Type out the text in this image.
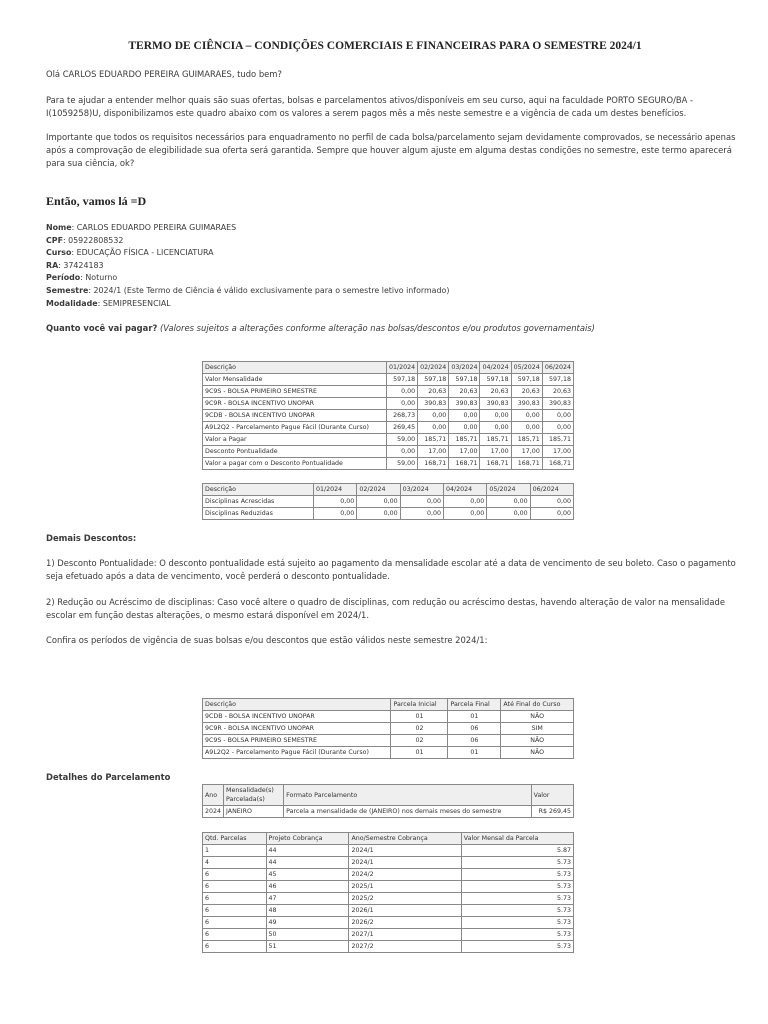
TERMO DE CIÊNCIA – CONDIÇÕES COMERCIAIS E FINANCEIRAS PARA O SEMESTRE 2024/1

Olá CARLOS EDUARDO PEREIRA GUIMARAES, tudo bem?

Para te ajudar a entender melhor quais são suas ofertas, bolsas e parcelamentos ativos/disponíveis em seu curso, aqui na faculdade PORTO SEGURO/BA - I(1059258)U, disponibilizamos este quadro abaixo com os valores a serem pagos mês a mês neste semestre e a vigência de cada um destes benefícios.

Importante que todos os requisitos necessários para enquadramento no perfil de cada bolsa/parcelamento sejam devidamente comprovados, se necessário apenas após a comprovação de elegibilidade sua oferta será garantida. Sempre que houver algum ajuste em alguma destas condições no semestre, este termo aparecerá para sua ciência, ok?

Então, vamos lá =D
Nome: CARLOS EDUARDO PEREIRA GUIMARAES
CPF: 05922808532
Curso: EDUCAÇÃO FÍSICA - LICENCIATURA
RA: 37424183
Período: Noturno
Semestre: 2024/1 (Este Termo de Ciência é válido exclusivamente para o semestre letivo informado)
Modalidade: SEMIPRESENCIAL
Quanto você vai pagar? (Valores sujeitos a alterações conforme alteração nas bolsas/descontos e/ou produtos governamentais)
Descrição	01/2024	02/2024	03/2024	04/2024	05/2024	06/2024
Valor Mensalidade	597,18	597,18	597,18	597,18	597,18	597,18
9C9S - BOLSA PRIMEIRO SEMESTRE	0,00	20,63	20,63	20,63	20,63	20,63
9C9R - BOLSA INCENTIVO UNOPAR	0,00	390,83	390,83	390,83	390,83	390,83
9CDB - BOLSA INCENTIVO UNOPAR	268,73	0,00	0,00	0,00	0,00	0,00
A9L2Q2 - Parcelamento Pague Fácil (Durante Curso)	269,45	0,00	0,00	0,00	0,00	0,00
Valor a Pagar	59,00	185,71	185,71	185,71	185,71	185,71
Desconto Pontualidade	0,00	17,00	17,00	17,00	17,00	17,00
Valor a pagar com o Desconto Pontualidade	59,00	168,71	168,71	168,71	168,71	168,71
Descrição	01/2024	02/2024	03/2024	04/2024	05/2024	06/2024
Disciplinas Acrescidas	0,00	0,00	0,00	0,00	0,00	0,00
Disciplinas Reduzidas	0,00	0,00	0,00	0,00	0,00	0,00
Demais Descontos:

1) Desconto Pontualidade: O desconto pontualidade está sujeito ao pagamento da mensalidade escolar até a data de vencimento de seu boleto. Caso o pagamento seja efetuado após a data de vencimento, você perderá o desconto pontualidade.

2) Redução ou Acréscimo de disciplinas: Caso você altere o quadro de disciplinas, com redução ou acréscimo destas, havendo alteração de valor na mensalidade escolar em função destas alterações, o mesmo estará disponível em 2024/1.

Confira os períodos de vigência de suas bolsas e/ou descontos que estão válidos neste semestre 2024/1:

Descrição	Parcela Inicial	Parcela Final	Até Final do Curso
9CDB - BOLSA INCENTIVO UNOPAR	01	01	NÃO
9C9R - BOLSA INCENTIVO UNOPAR	02	06	SIM
9C9S - BOLSA PRIMEIRO SEMESTRE	02	06	NÃO
A9L2Q2 - Parcelamento Pague Fácil (Durante Curso)	01	01	NÃO
Detalhes do Parcelamento
Ano	Mensalidade(s) Parcelada(s)	Formato Parcelamento	Valor
2024	JANEIRO	Parcela a mensalidade de (JANEIRO) nos demais meses do semestre	R$ 269,45
Qtd. Parcelas	Projeto Cobrança	Ano/Semestre Cobrança	Valor Mensal da Parcela
1	44	2024/1	5.87
4	44	2024/1	5.73
6	45	2024/2	5.73
6	46	2025/1	5.73
6	47	2025/2	5.73
6	48	2026/1	5.73
6	49	2026/2	5.73
6	50	2027/1	5.73
6	51	2027/2	5.73
